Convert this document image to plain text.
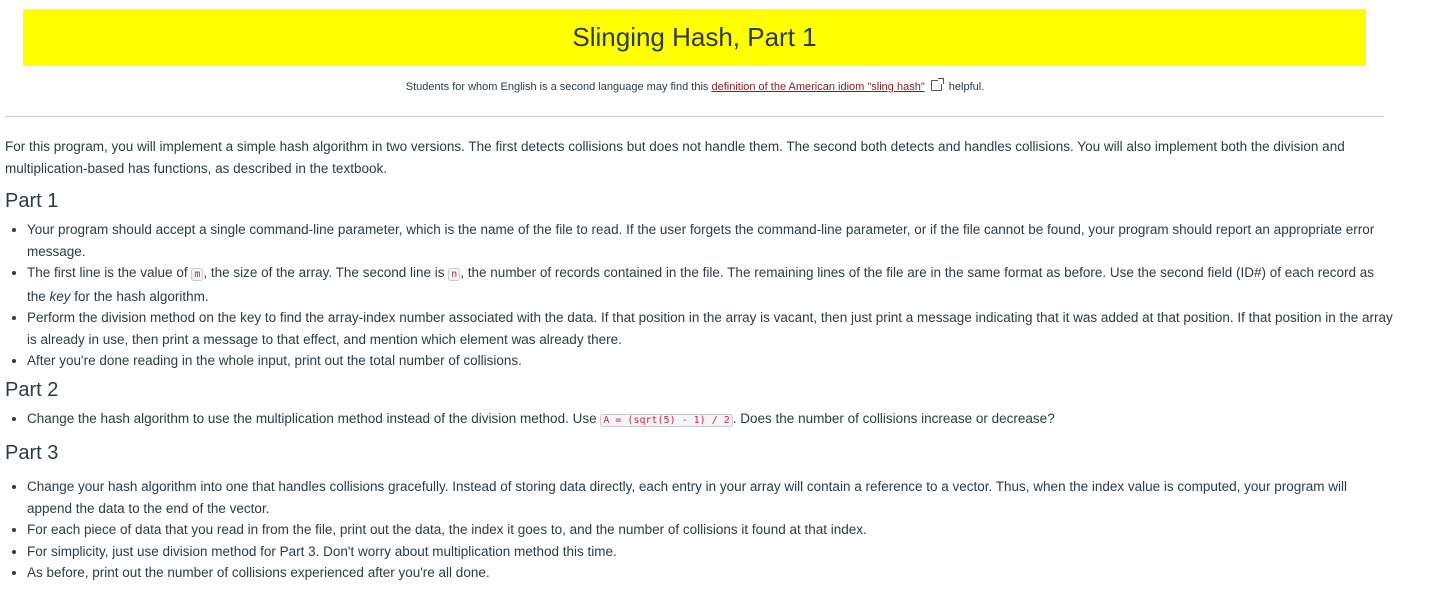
Slinging Hash, Part 1
Students for whom English is a second language may find this definition of the American idiom "sling hash" helpful.

For this program, you will implement a simple hash algorithm in two versions. The first detects collisions but does not handle them. The second both detects and handles collisions. You will also implement both the division and multiplication-based has functions, as described in the textbook.

Part 1
• Your program should accept a single command-line parameter, which is the name of the file to read. If the user forgets the command-line parameter, or if the file cannot be found, your program should report an appropriate error message.
• The first line is the value of m , the size of the array. The second line is n , the number of records contained in the file. The remaining lines of the file are in the same format as before. Use the second field (ID#) of each record as the key for the hash algorithm.
• Perform the division method on the key to find the array-index number associated with the data. If that position in the array is vacant, then just print a message indicating that it was added at that position. If that position in the array is already in use, then print a message to that effect, and mention which element was already there.
• After you're done reading in the whole input, print out the total number of collisions.
Part 2
• Change the hash algorithm to use the multiplication method instead of the division method. Use A = (sqrt(5) - 1) / 2 . Does the number of collisions increase or decrease?
Part 3
• Change your hash algorithm into one that handles collisions gracefully. Instead of storing data directly, each entry in your array will contain a reference to a vector. Thus, when the index value is computed, your program will append the data to the end of the vector.
• For each piece of data that you read in from the file, print out the data, the index it goes to, and the number of collisions it found at that index.
• For simplicity, just use division method for Part 3. Don't worry about multiplication method this time.
• As before, print out the number of collisions experienced after you're all done.
